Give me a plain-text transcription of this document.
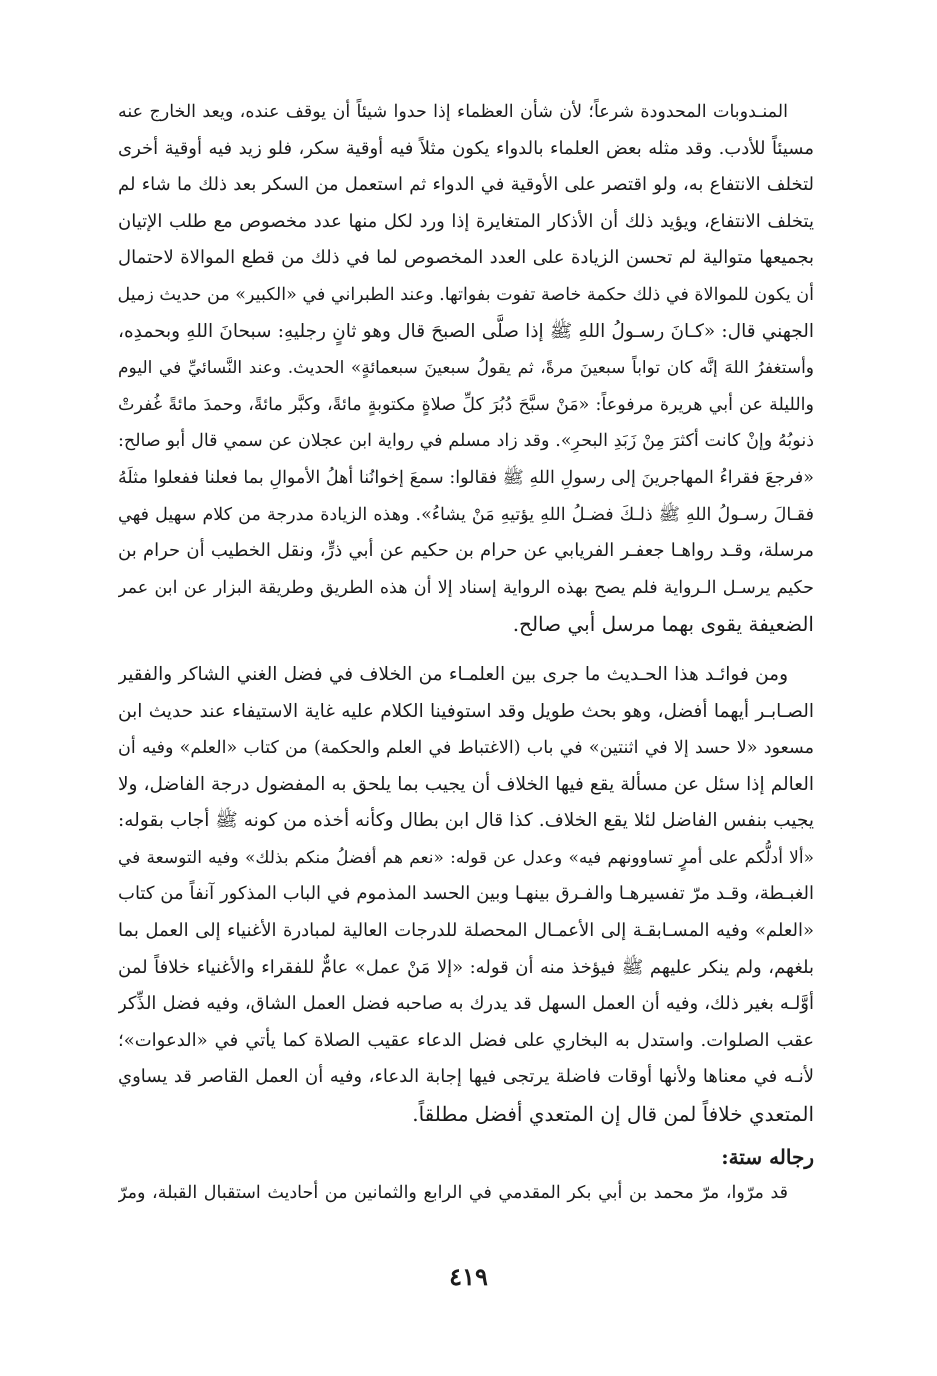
المنـدوبات المحدودة شرعاً؛ لأن شأن العظماء إذا حدوا شيئاً أن يوقف عنده، ويعد الخارج عنه
مسيئاً للأدب. وقد مثله بعض العلماء بالدواء يكون مثلاً فيه أوقية سكر، فلو زيد فيه أوقية أخرى
لتخلف الانتفاع به، ولو اقتصر على الأوقية في الدواء ثم استعمل من السكر بعد ذلك ما شاء لم
يتخلف الانتفاع، ويؤيد ذلك أن الأذكار المتغايرة إذا ورد لكل منها عدد مخصوص مع طلب الإتيان
بجميعها متوالية لم تحسن الزيادة على العدد المخصوص لما في ذلك من قطع الموالاة لاحتمال
أن يكون للموالاة في ذلك حكمة خاصة تفوت بفواتها. وعند الطبراني في «الكبير» من حديث زميل
الجهني قال: «كـانَ رسـولُ اللهِ ﷺ إذا صلَّى الصبحَ قال وهو ثانٍ رجليهِ: سبحانَ اللهِ وبحمدِه،
وأستغفرُ اللهَ إنَّه كان تواباً سبعينَ مرةً، ثم يقولُ سبعينَ سبعمائةٍ» الحديث. وعند النَّسائيِّ في اليوم
والليلة عن أبي هريرة مرفوعاً: «مَنْ سبَّحَ دُبُرَ كلِّ صلاةٍ مكتوبةٍ مائةً، وكبَّر مائةً، وحمدَ مائةً غُفرتْ
ذنوبُهُ وإنْ كانت أكثرَ مِنْ زَبَدِ البحرِ». وقد زاد مسلم في رواية ابن عجلان عن سمي قال أبو صالح:
«فرجعَ فقراءُ المهاجرينَ إلى رسولِ اللهِ ﷺ فقالوا: سمعَ إخوانُنا أهلُ الأموالِ بما فعلنا ففعلوا مثلَهُ
فقـالَ رسـولُ اللهِ ﷺ ذلـكَ فضـلُ اللهِ يؤتيهِ مَنْ يشاءُ». وهذه الزيادة مدرجة من كلام سهيل فهي
مرسلة، وقـد رواهـا جعفـر الفريابي عن حرام بن حكيم عن أبي ذرٍّ، ونقل الخطيب أن حرام بن
حكيم يرسـل الـرواية فلم يصح بهذه الرواية إسناد إلا أن هذه الطريق وطريقة البزار عن ابن عمر
الضعيفة يقوى بهما مرسل أبي صالح.
ومن فوائـد هذا الحـديث ما جرى بين العلمـاء من الخلاف في فضل الغني الشاكر والفقير
الصـابـر أيهما أفضل، وهو بحث طويل وقد استوفينا الكلام عليه غاية الاستيفاء عند حديث ابن
مسعود «لا حسد إلا في اثنتين» في باب (الاغتباط في العلم والحكمة) من كتاب «العلم» وفيه أن
العالم إذا سئل عن مسألة يقع فيها الخلاف أن يجيب بما يلحق به المفضول درجة الفاضل، ولا
يجيب بنفس الفاضل لئلا يقع الخلاف. كذا قال ابن بطال وكأنه أخذه من كونه ﷺ أجاب بقوله:
«ألا أدلُّكم على أمرٍ تساوونهم فيه» وعدل عن قوله: «نعم هم أفضلُ منكم بذلك» وفيه التوسعة في
الغبـطة، وقـد مرّ تفسيرهـا والفـرق بينهـا وبين الحسد المذموم في الباب المذكور آنفاً من كتاب
«العلم» وفيه المسـابقـة إلى الأعمـال المحصلة للدرجات العالية لمبادرة الأغنياء إلى العمل بما
بلغهم، ولم ينكر عليهم ﷺ فيؤخذ منه أن قوله: «إلا مَنْ عمل» عامٌّ للفقراء والأغنياء خلافاً لمن
أوَّلـه بغير ذلك، وفيه أن العمل السهل قد يدرك به صاحبه فضل العمل الشاق، وفيه فضل الذِّكر
عقب الصلوات. واستدل به البخاري على فضل الدعاء عقيب الصلاة كما يأتي في «الدعوات»؛
لأنـه في معناها ولأنها أوقات فاضلة يرتجى فيها إجابة الدعاء، وفيه أن العمل القاصر قد يساوي
المتعدي خلافاً لمن قال إن المتعدي أفضل مطلقاً.
رجاله ستة:
قد مرّوا، مرّ محمد بن أبي بكر المقدمي في الرابع والثمانين من أحاديث استقبال القبلة، ومرّ
٤١٩
